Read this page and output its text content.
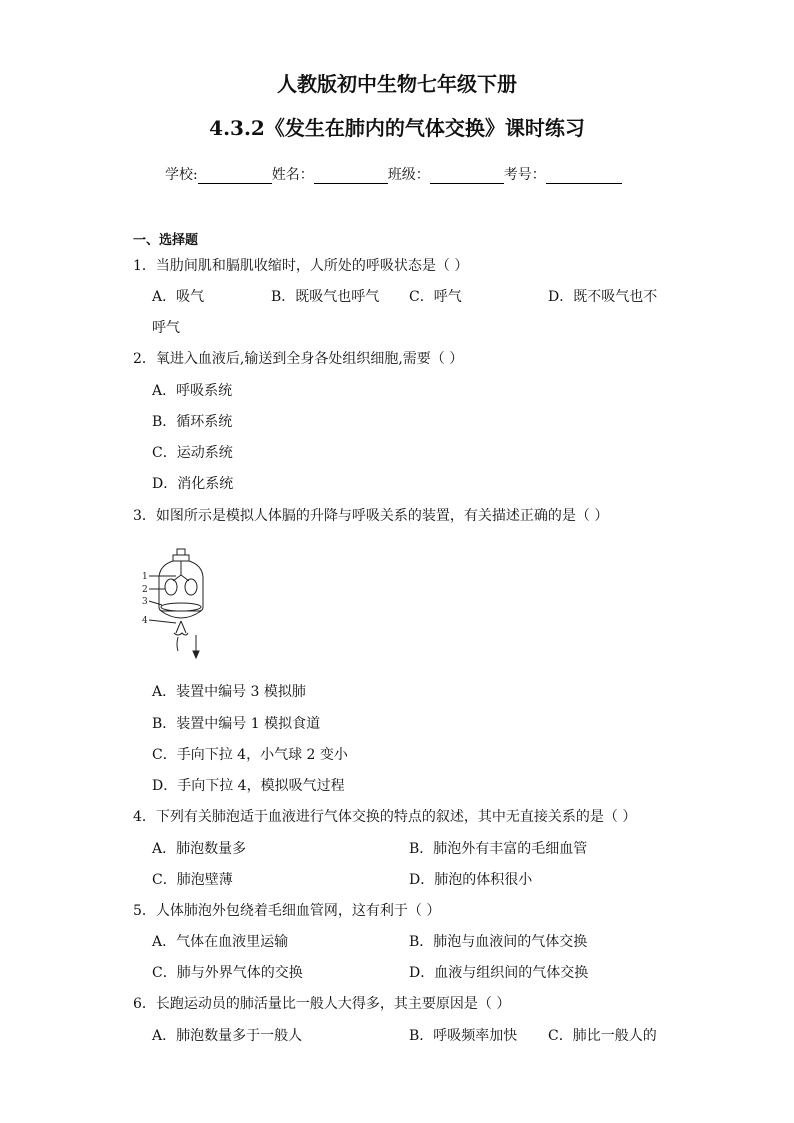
人教版初中生物七年级下册
4.3.2《发生在肺内的气体交换》课时练习
学校:	姓名：	班级：	考号：
一、选择题
1．当肋间肌和膈肌收缩时，人所处的呼吸状态是（ ）
A．吸气	B．既吸气也呼气 C．呼气	D．既不吸气也不
呼气
2．氧进入血液后,输送到全身各处组织细胞,需要（ ）
A．呼吸系统
B．循环系统
C．运动系统
D．消化系统
3．如图所示是模拟人体膈的升降与呼吸关系的装置，有关描述正确的是（ ）
1
2
3
4
A．装置中编号 3 模拟肺
B．装置中编号 1 模拟食道
C．手向下拉 4，小气球 2 变小
D．手向下拉 4，模拟吸气过程
4．下列有关肺泡适于血液进行气体交换的特点的叙述，其中无直接关系的是（ ）
A．肺泡数量多	B．肺泡外有丰富的毛细血管
C．肺泡壁薄	D．肺泡的体积很小
5．人体肺泡外包绕着毛细血管网，这有利于（ ）
A．气体在血液里运输	B．肺泡与血液间的气体交换
C．肺与外界气体的交换	D．血液与组织间的气体交换
6．长跑运动员的肺活量比一般人大得多，其主要原因是（ ）
A．肺泡数量多于一般人	B．呼吸频率加快 C．肺比一般人的
